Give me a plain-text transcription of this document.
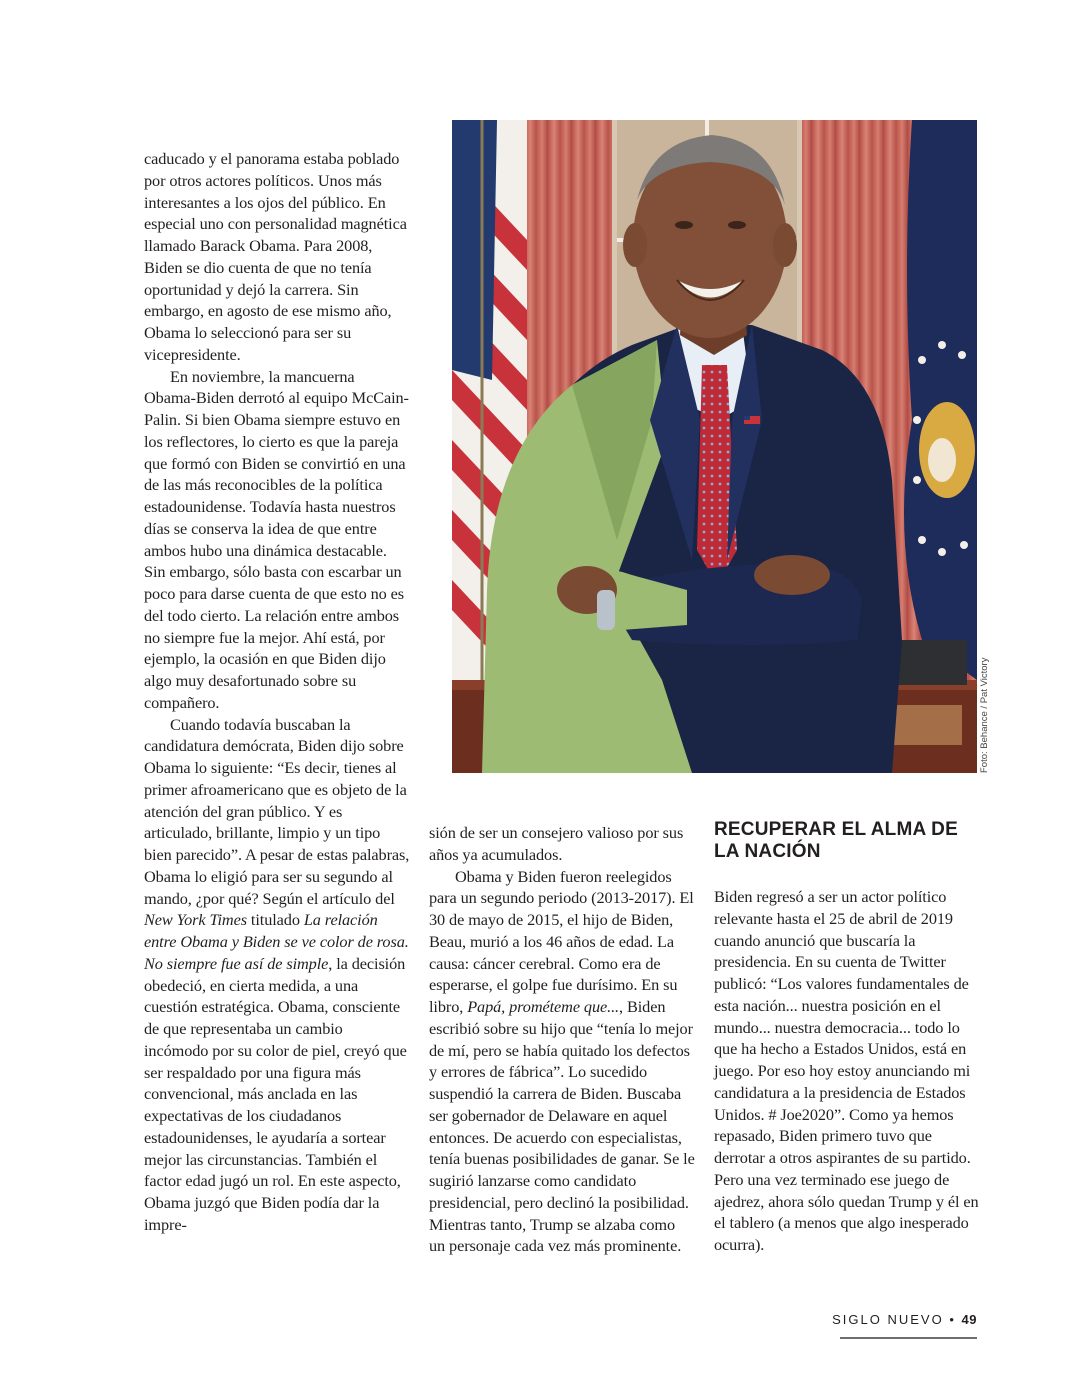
caducado y el panorama estaba poblado por otros actores políticos. Unos más interesantes a los ojos del público. En especial uno con personalidad magnética llamado Barack Obama. Para 2008, Biden se dio cuenta de que no tenía oportunidad y dejó la carrera. Sin embargo, en agosto de ese mismo año, Obama lo seleccionó para ser su vicepresidente.

En noviembre, la mancuerna Obama-Biden derrotó al equipo McCain-Palin. Si bien Obama siempre estuvo en los reflectores, lo cierto es que la pareja que formó con Biden se convirtió en una de las más reconocibles de la política estadounidense. Todavía hasta nuestros días se conserva la idea de que entre ambos hubo una dinámica destacable. Sin embargo, sólo basta con escarbar un poco para darse cuenta de que esto no es del todo cierto. La relación entre ambos no siempre fue la mejor. Ahí está, por ejemplo, la ocasión en que Biden dijo algo muy desafortunado sobre su compañero.

Cuando todavía buscaban la candidatura demócrata, Biden dijo sobre Obama lo siguiente: “Es decir, tienes al primer afroamericano que es objeto de la atención del gran público. Y es articulado, brillante, limpio y un tipo bien parecido”. A pesar de estas palabras, Obama lo eligió para ser su segundo al mando, ¿por qué? Según el artículo del New York Times titulado La relación entre Obama y Biden se ve color de rosa. No siempre fue así de simple, la decisión obedeció, en cierta medida, a una cuestión estratégica. Obama, consciente de que representaba un cambio incómodo por su color de piel, creyó que ser respaldado por una figura más convencional, más anclada en las expectativas de los ciudadanos estadounidenses, le ayudaría a sortear mejor las circunstancias. También el factor edad jugó un rol. En este aspecto, Obama juzgó que Biden podía dar la impre-

Foto: Behance / Pat Victory

sión de ser un consejero valioso por sus años ya acumulados.

Obama y Biden fueron reelegidos para un segundo periodo (2013-2017). El 30 de mayo de 2015, el hijo de Biden, Beau, murió a los 46 años de edad. La causa: cáncer cerebral. Como era de esperarse, el golpe fue durísimo. En su libro, Papá, prométeme que..., Biden escribió sobre su hijo que “tenía lo mejor de mí, pero se había quitado los defectos y errores de fábrica”. Lo sucedido suspendió la carrera de Biden. Buscaba ser gobernador de Delaware en aquel entonces. De acuerdo con especialistas, tenía buenas posibilidades de ganar. Se le sugirió lanzarse como candidato presidencial, pero declinó la posibilidad. Mientras tanto, Trump se alzaba como un personaje cada vez más prominente.

RECUPERAR EL ALMA DE LA NACIÓN

Biden regresó a ser un actor político relevante hasta el 25 de abril de 2019 cuando anunció que buscaría la presidencia. En su cuenta de Twitter publicó: “Los valores fundamentales de esta nación... nuestra posición en el mundo... nuestra democracia... todo lo que ha hecho a Estados Unidos, está en juego. Por eso hoy estoy anunciando mi candidatura a la presidencia de Estados Unidos. # Joe2020”. Como ya hemos repasado, Biden primero tuvo que derrotar a otros aspirantes de su partido. Pero una vez terminado ese juego de ajedrez, ahora sólo quedan Trump y él en el tablero (a menos que algo inesperado ocurra).

SIGLO NUEVO • 49
